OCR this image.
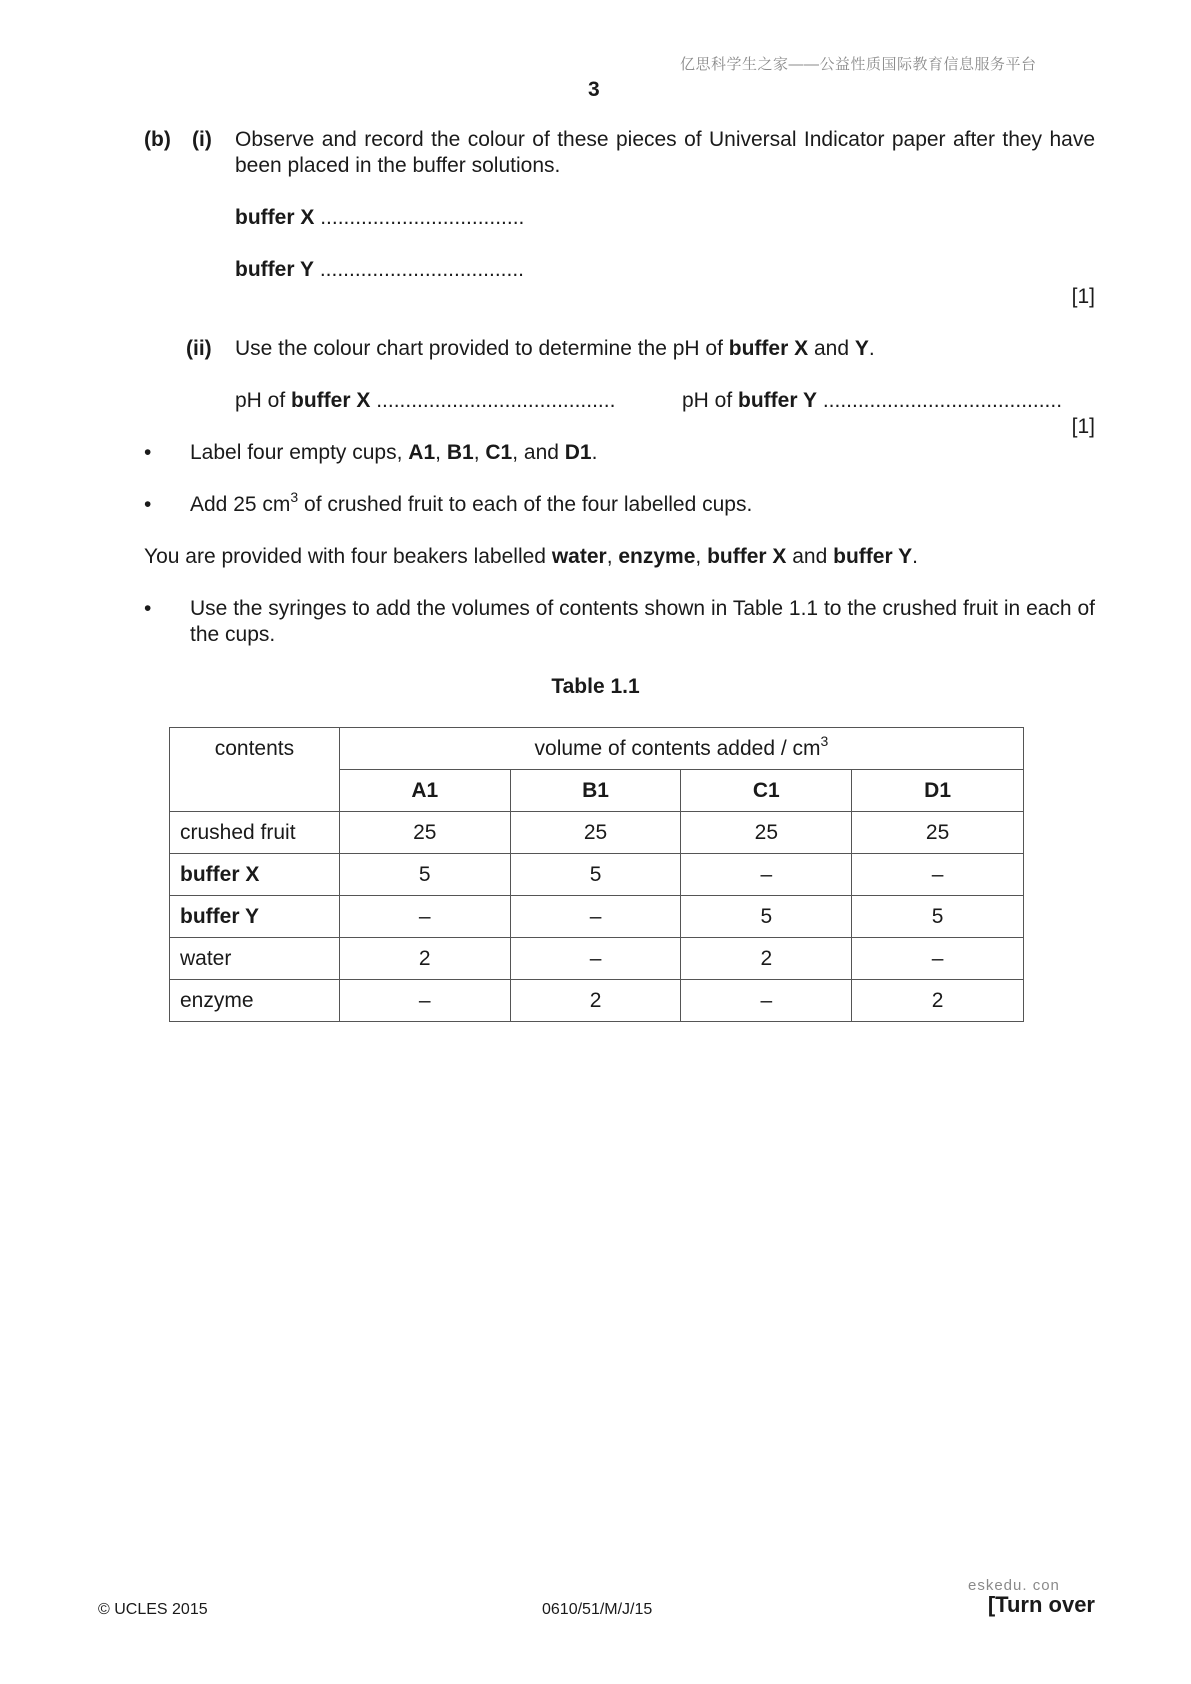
亿思科学生之家——公益性质国际教育信息服务平台
3
(b) (i) Observe and record the colour of these pieces of Universal Indicator paper after they have been placed in the buffer solutions.
buffer X ...................................
buffer Y ...................................
[1]
(ii) Use the colour chart provided to determine the pH of buffer X and Y.
pH of buffer X .........................................	pH of buffer Y .........................................
[1]
• Label four empty cups, A1, B1, C1, and D1.
• Add 25 $cm^3$ of crushed fruit to each of the four labelled cups.
You are provided with four beakers labelled water, enzyme, buffer X and buffer Y.
• Use the syringes to add the volumes of contents shown in Table 1.1 to the crushed fruit in each of the cups.
Table 1.1
contents	volume of contents added / $cm^3$
	A1	B1	C1	D1
crushed fruit	25	25	25	25
buffer X	5	5	–	–
buffer Y	–	–	5	5
water	2	–	2	–
enzyme	–	2	–	2
© UCLES 2015	0610/51/M/J/15
eskedu. con
[Turn over
